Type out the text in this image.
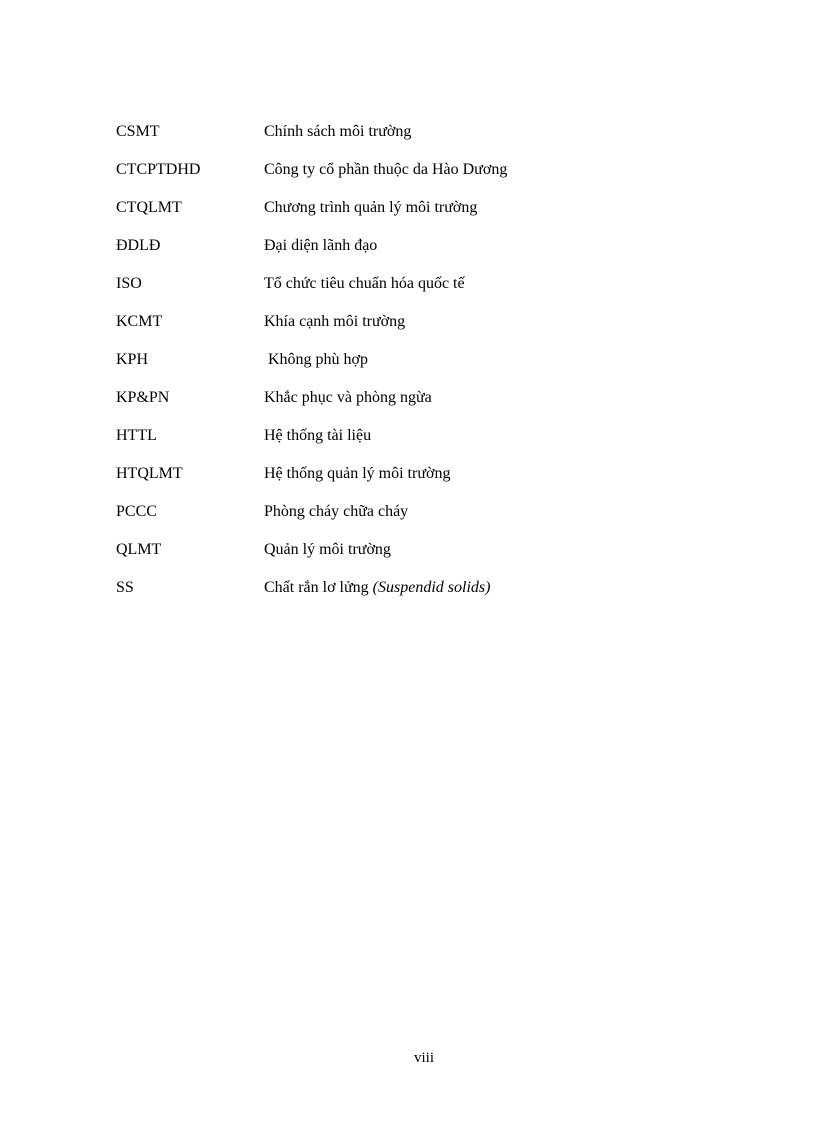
CSMT	Chính sách môi trường
CTCPTDHD	Công ty cổ phần thuộc da Hào Dương
CTQLMT	Chương trình quản lý môi trường
ĐDLĐ	Đại diện lãnh đạo
ISO	Tổ chức tiêu chuẩn hóa quốc tế
KCMT	Khía cạnh môi trường
KPH	Không phù hợp
KP&PN	Khắc phục và phòng ngừa
HTTL	Hệ thống tài liệu
HTQLMT	Hệ thống quản lý môi trường
PCCC	Phòng cháy chữa cháy
QLMT	Quản lý môi trường
SS	Chất rắn lơ lửng (Suspendid solids)
viii
